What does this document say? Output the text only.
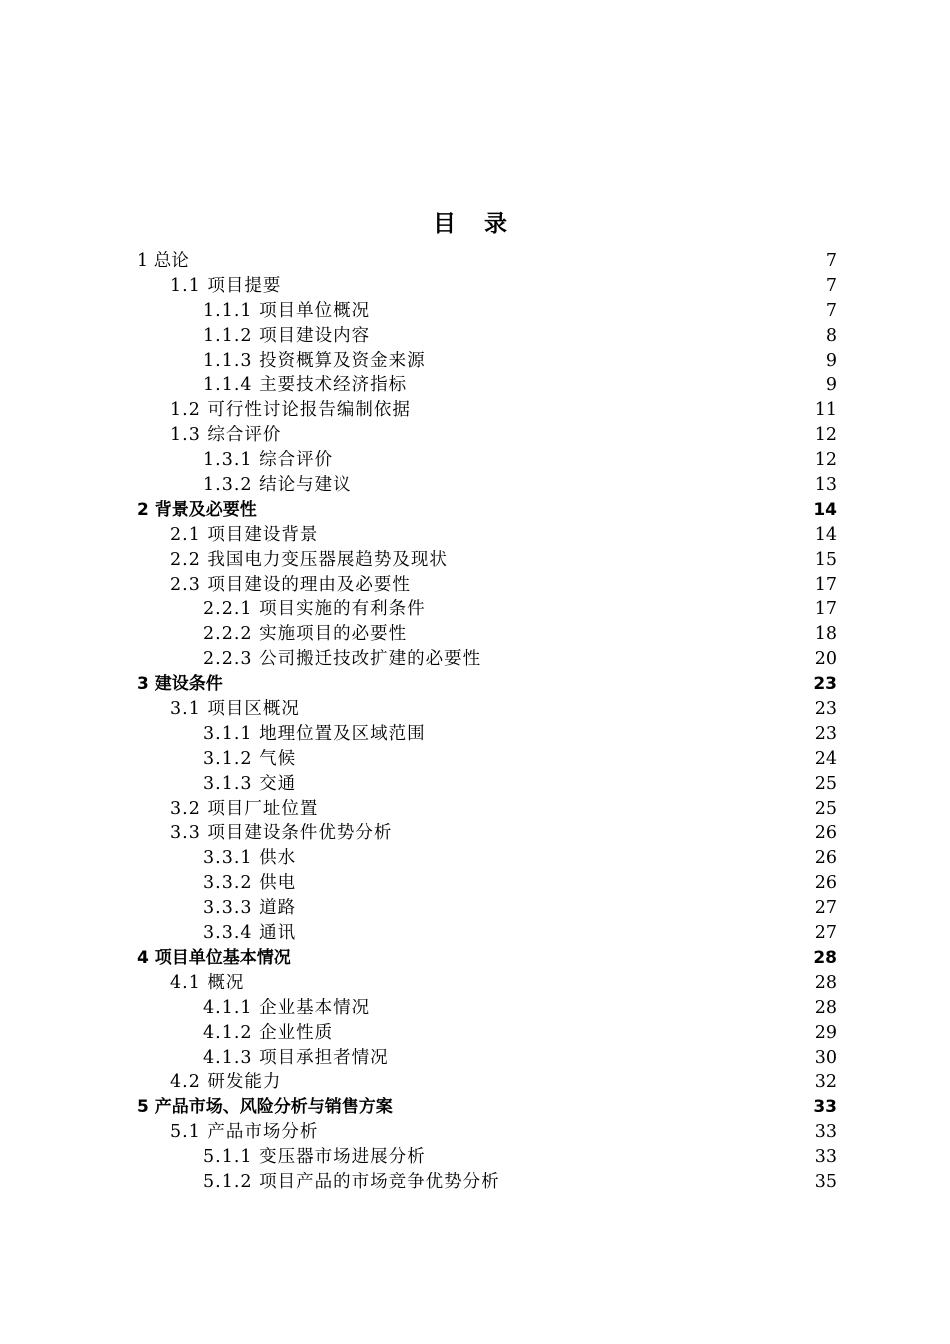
目 录
1 总论	7
1.1 项目提要	7
1.1.1 项目单位概况	7
1.1.2 项目建设内容	8
1.1.3 投资概算及资金来源	9
1.1.4 主要技术经济指标	9
1.2 可行性讨论报告编制依据	11
1.3 综合评价	12
1.3.1 综合评价	12
1.3.2 结论与建议	13
2 背景及必要性	14
2.1 项目建设背景	14
2.2 我国电力变压器展趋势及现状	15
2.3 项目建设的理由及必要性	17
2.2.1 项目实施的有利条件	17
2.2.2 实施项目的必要性	18
2.2.3 公司搬迁技改扩建的必要性	20
3 建设条件	23
3.1 项目区概况	23
3.1.1 地理位置及区域范围	23
3.1.2 气候	24
3.1.3 交通	25
3.2 项目厂址位置	25
3.3 项目建设条件优势分析	26
3.3.1 供水	26
3.3.2 供电	26
3.3.3 道路	27
3.3.4 通讯	27
4 项目单位基本情况	28
4.1 概况	28
4.1.1 企业基本情况	28
4.1.2 企业性质	29
4.1.3 项目承担者情况	30
4.2 研发能力	32
5 产品市场、风险分析与销售方案	33
5.1 产品市场分析	33
5.1.1 变压器市场进展分析	33
5.1.2 项目产品的市场竞争优势分析	35
